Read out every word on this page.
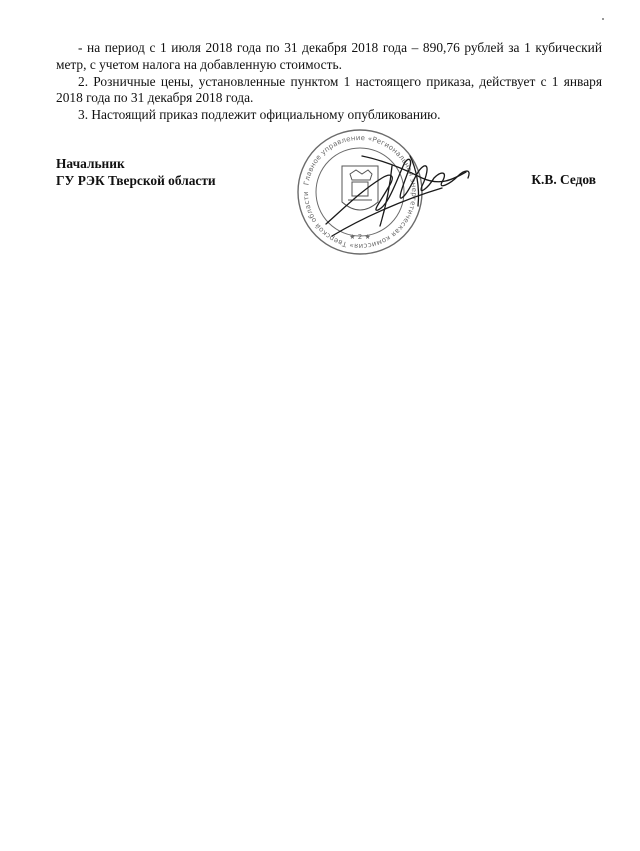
- на период с 1 июля 2018 года по 31 декабря 2018 года – 890,76 рублей за 1 кубический метр, с учетом налога на добавленную стоимость.

2. Розничные цены, установленные пунктом 1 настоящего приказа, действует с 1 января 2018 года по 31 декабря 2018 года.

3. Настоящий приказ подлежит официальному опубликованию.

Начальник
ГУ РЭК Тверской области	К.В. Седов
Главное управление «Региональная энергетическая комиссия» Тверской области
★ 2 ★
